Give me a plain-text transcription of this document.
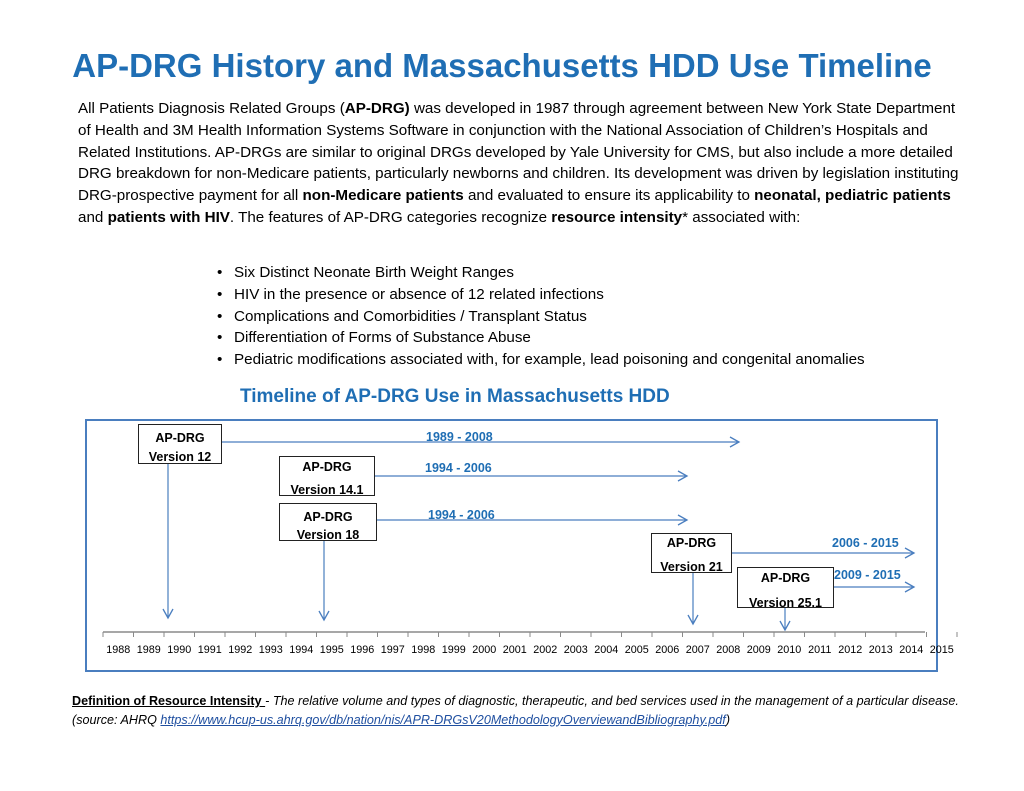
AP-DRG History and Massachusetts HDD Use Timeline
All Patients Diagnosis Related Groups (AP-DRG) was developed in 1987 through agreement between New York State Department of Health and 3M Health Information Systems Software in conjunction with the National Association of Children’s Hospitals and Related Institutions. AP-DRGs are similar to original DRGs developed by Yale University for CMS, but also include a more detailed DRG breakdown for non-Medicare patients, particularly newborns and children. Its development was driven by legislation instituting DRG-prospective payment for all non-Medicare patients and evaluated to ensure its applicability to neonatal, pediatric patients and patients with HIV. The features of AP-DRG categories recognize resource intensity* associated with:
• Six Distinct Neonate Birth Weight Ranges
• HIV in the presence or absence of 12 related infections
• Complications and Comorbidities / Transplant Status
• Differentiation of Forms of Substance Abuse
• Pediatric modifications associated with, for example, lead poisoning and congenital anomalies
Timeline of AP-DRG Use in Massachusetts HDD
AP-DRG
Version 12
AP-DRG
Version 14.1
AP-DRG
Version 18
AP-DRG
Version 21
AP-DRG
Version 25.1
1989 - 2008
1994 - 2006
1994 - 2006
2006 - 2015
2009 - 2015
1988 1989 1990 1991 1992 1993 1994 1995 1996 1997 1998 1999 2000 2001 2002 2003 2004 2005 2006 2007 2008 2009 2010 2011 2012 2013 2014 2015
Definition of Resource Intensity - The relative volume and types of diagnostic, therapeutic, and bed services used in the management of a particular disease. (source: AHRQ https://www.hcup-us.ahrq.gov/db/nation/nis/APR-DRGsV20MethodologyOverviewandBibliography.pdf)
